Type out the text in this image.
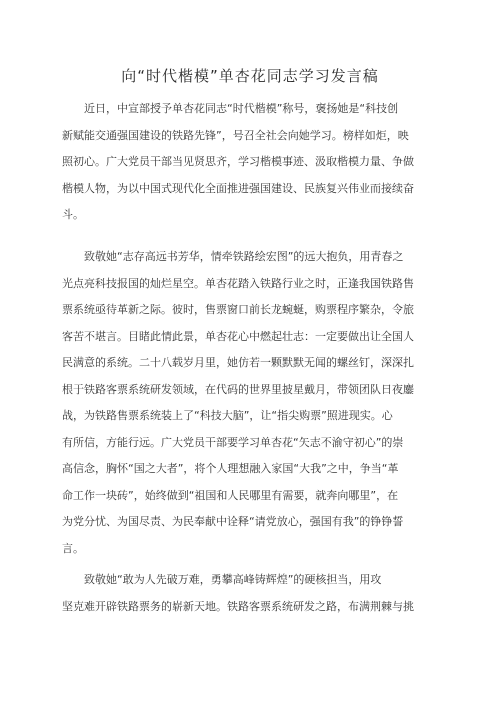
向“时代楷模”单杏花同志学习发言稿
近日，中宣部授予单杏花同志“时代楷模”称号，褒扬她是“科技创
新赋能交通强国建设的铁路先锋”，号召全社会向她学习。榜样如炬，映
照初心。广大党员干部当见贤思齐，学习楷模事迹、汲取楷模力量、争做
楷模人物，为以中国式现代化全面推进强国建设、民族复兴伟业而接续奋
斗。
致敬她“志存高远书芳华，情牵铁路绘宏图”的远大抱负，用青春之
光点亮科技报国的灿烂星空。单杏花踏入铁路行业之时，正逢我国铁路售
票系统亟待革新之际。彼时，售票窗口前长龙蜿蜒，购票程序繁杂，令旅
客苦不堪言。目睹此情此景，单杏花心中燃起壮志：一定要做出让全国人
民满意的系统。二十八载岁月里，她仿若一颗默默无闻的螺丝钉，深深扎
根于铁路客票系统研发领域，在代码的世界里披星戴月，带领团队日夜鏖
战，为铁路售票系统装上了“科技大脑”，让“指尖购票”照进现实。心
有所信，方能行远。广大党员干部要学习单杏花“矢志不渝守初心”的崇
高信念，胸怀“国之大者”，将个人理想融入家国“大我”之中，争当“革
命工作一块砖”，始终做到“祖国和人民哪里有需要，就奔向哪里”，在
为党分忧、为国尽责、为民奉献中诠释“请党放心，强国有我”的铮铮誓
言。
致敬她“敢为人先破万难，勇攀高峰铸辉煌”的硬核担当，用攻
坚克难开辟铁路票务的崭新天地。铁路客票系统研发之路，布满荆棘与挑
